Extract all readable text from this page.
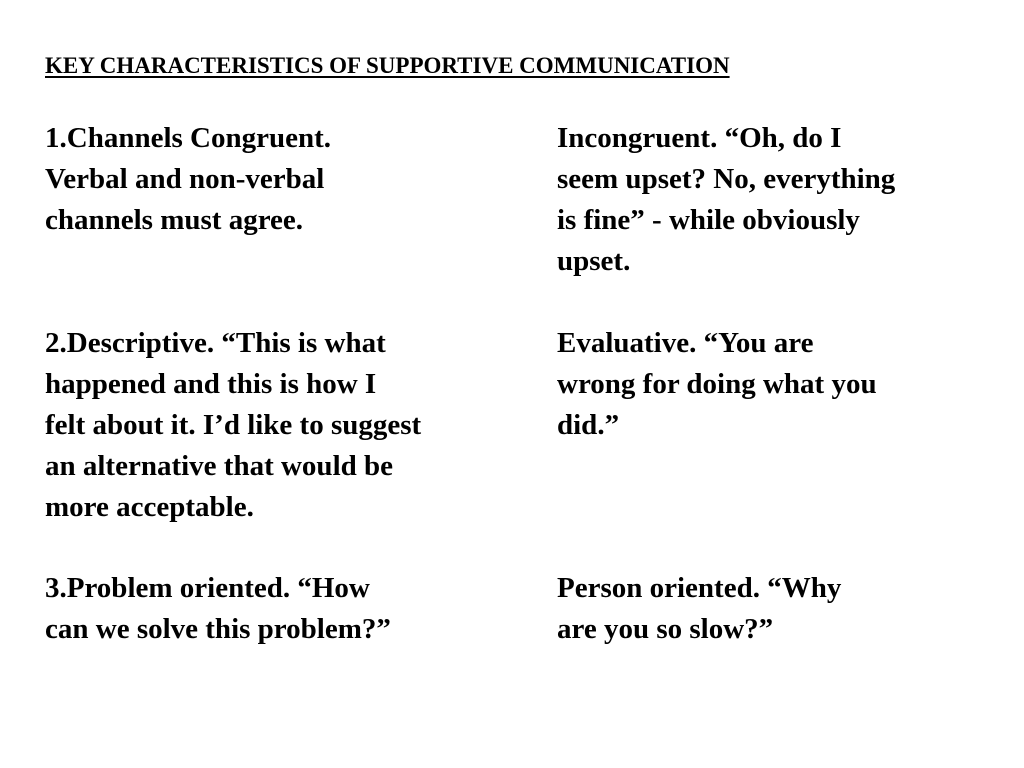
KEY CHARACTERISTICS OF SUPPORTIVE COMMUNICATION
1.Channels Congruent.
Verbal and non-verbal
channels must agree.
Incongruent. “Oh, do I
seem upset? No, everything
is fine” - while obviously
upset.
2.Descriptive. “This is what
happened and this is how I
felt about it. I’d like to suggest
an alternative that would be
more acceptable.
Evaluative. “You are
wrong for doing what you
did.”
3.Problem oriented. “How
can we solve this problem?”
Person oriented. “Why
are you so slow?”
